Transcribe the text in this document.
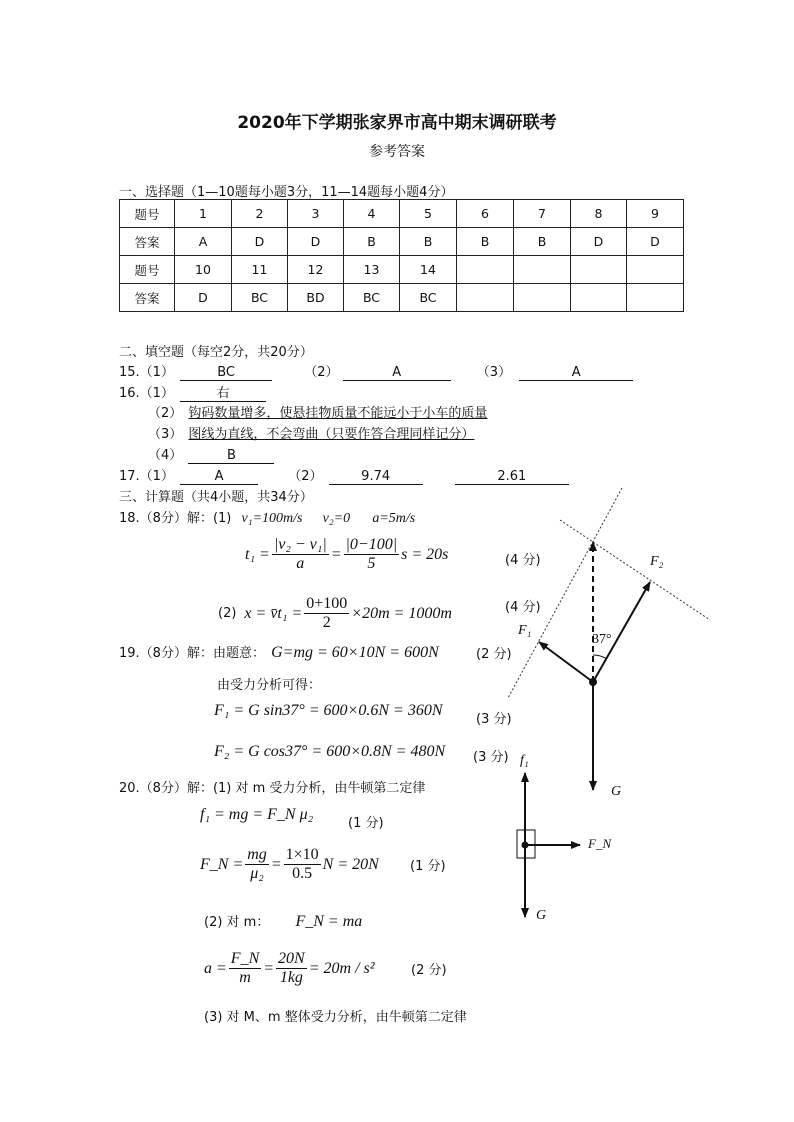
2020年下学期张家界市高中期末调研联考
参考答案
一、选择题（1—10题每小题3分，11—14题每小题4分）
题号	1	2	3	4	5	6	7	8	9
答案	A	D	D	B	B	B	B	D	D
题号	10	11	12	13	14				
答案	D	BC	BD	BC	BC				
二、填空题（每空2分，共20分）
15.（1）	BC	（2）	A	（3）	A
16.（1）	右
（2） 钩码数量增多，使悬挂物质量不能远小于小车的质量
（3） 图线为直线，不会弯曲（只要作答合理同样记分）
（4）	B
17.（1）	A	（2）	9.74	2.61
三、计算题（共4小题，共34分）
18.（8分）解：(1) v₁=100m/s v₂=0 a=5m/s
$t_1 = \frac{\text{|v₂ − v₁|}}{a} = \frac{|0-100|}{5}$ s = 20s	(4 分)
(2) x = v̄t₁ = $\frac{0+100}{2} \times 20m = 1000m$	(4 分)
19.（8分）解：由题意： G=mg = 60×10N = 600N	(2 分)
由受力分析可得：
F₁ = G sin37° = 600×0.6N = 360N
(3 分)
F₂ = G cos37° = 600×0.8N = 480N (3 分)
20.（8分）解：(1) 对 m 受力分析，由牛顿第二定律
f₁ = mg = F_N μ₂
(1 分)
F_N = $\frac{mg}{\text{μ₂}} = \frac{1\times 10}{0.5}$ N = 20N (1 分)
(2) 对 m： F_N = ma
$a = \frac{F\_N}{m} = \frac{20N}{1kg} = 20m / s^2$	(2 分)
(3) 对 M、m 整体受力分析，由牛顿第二定律
F₂
F₁
37°
G
f₁
F_N
G
